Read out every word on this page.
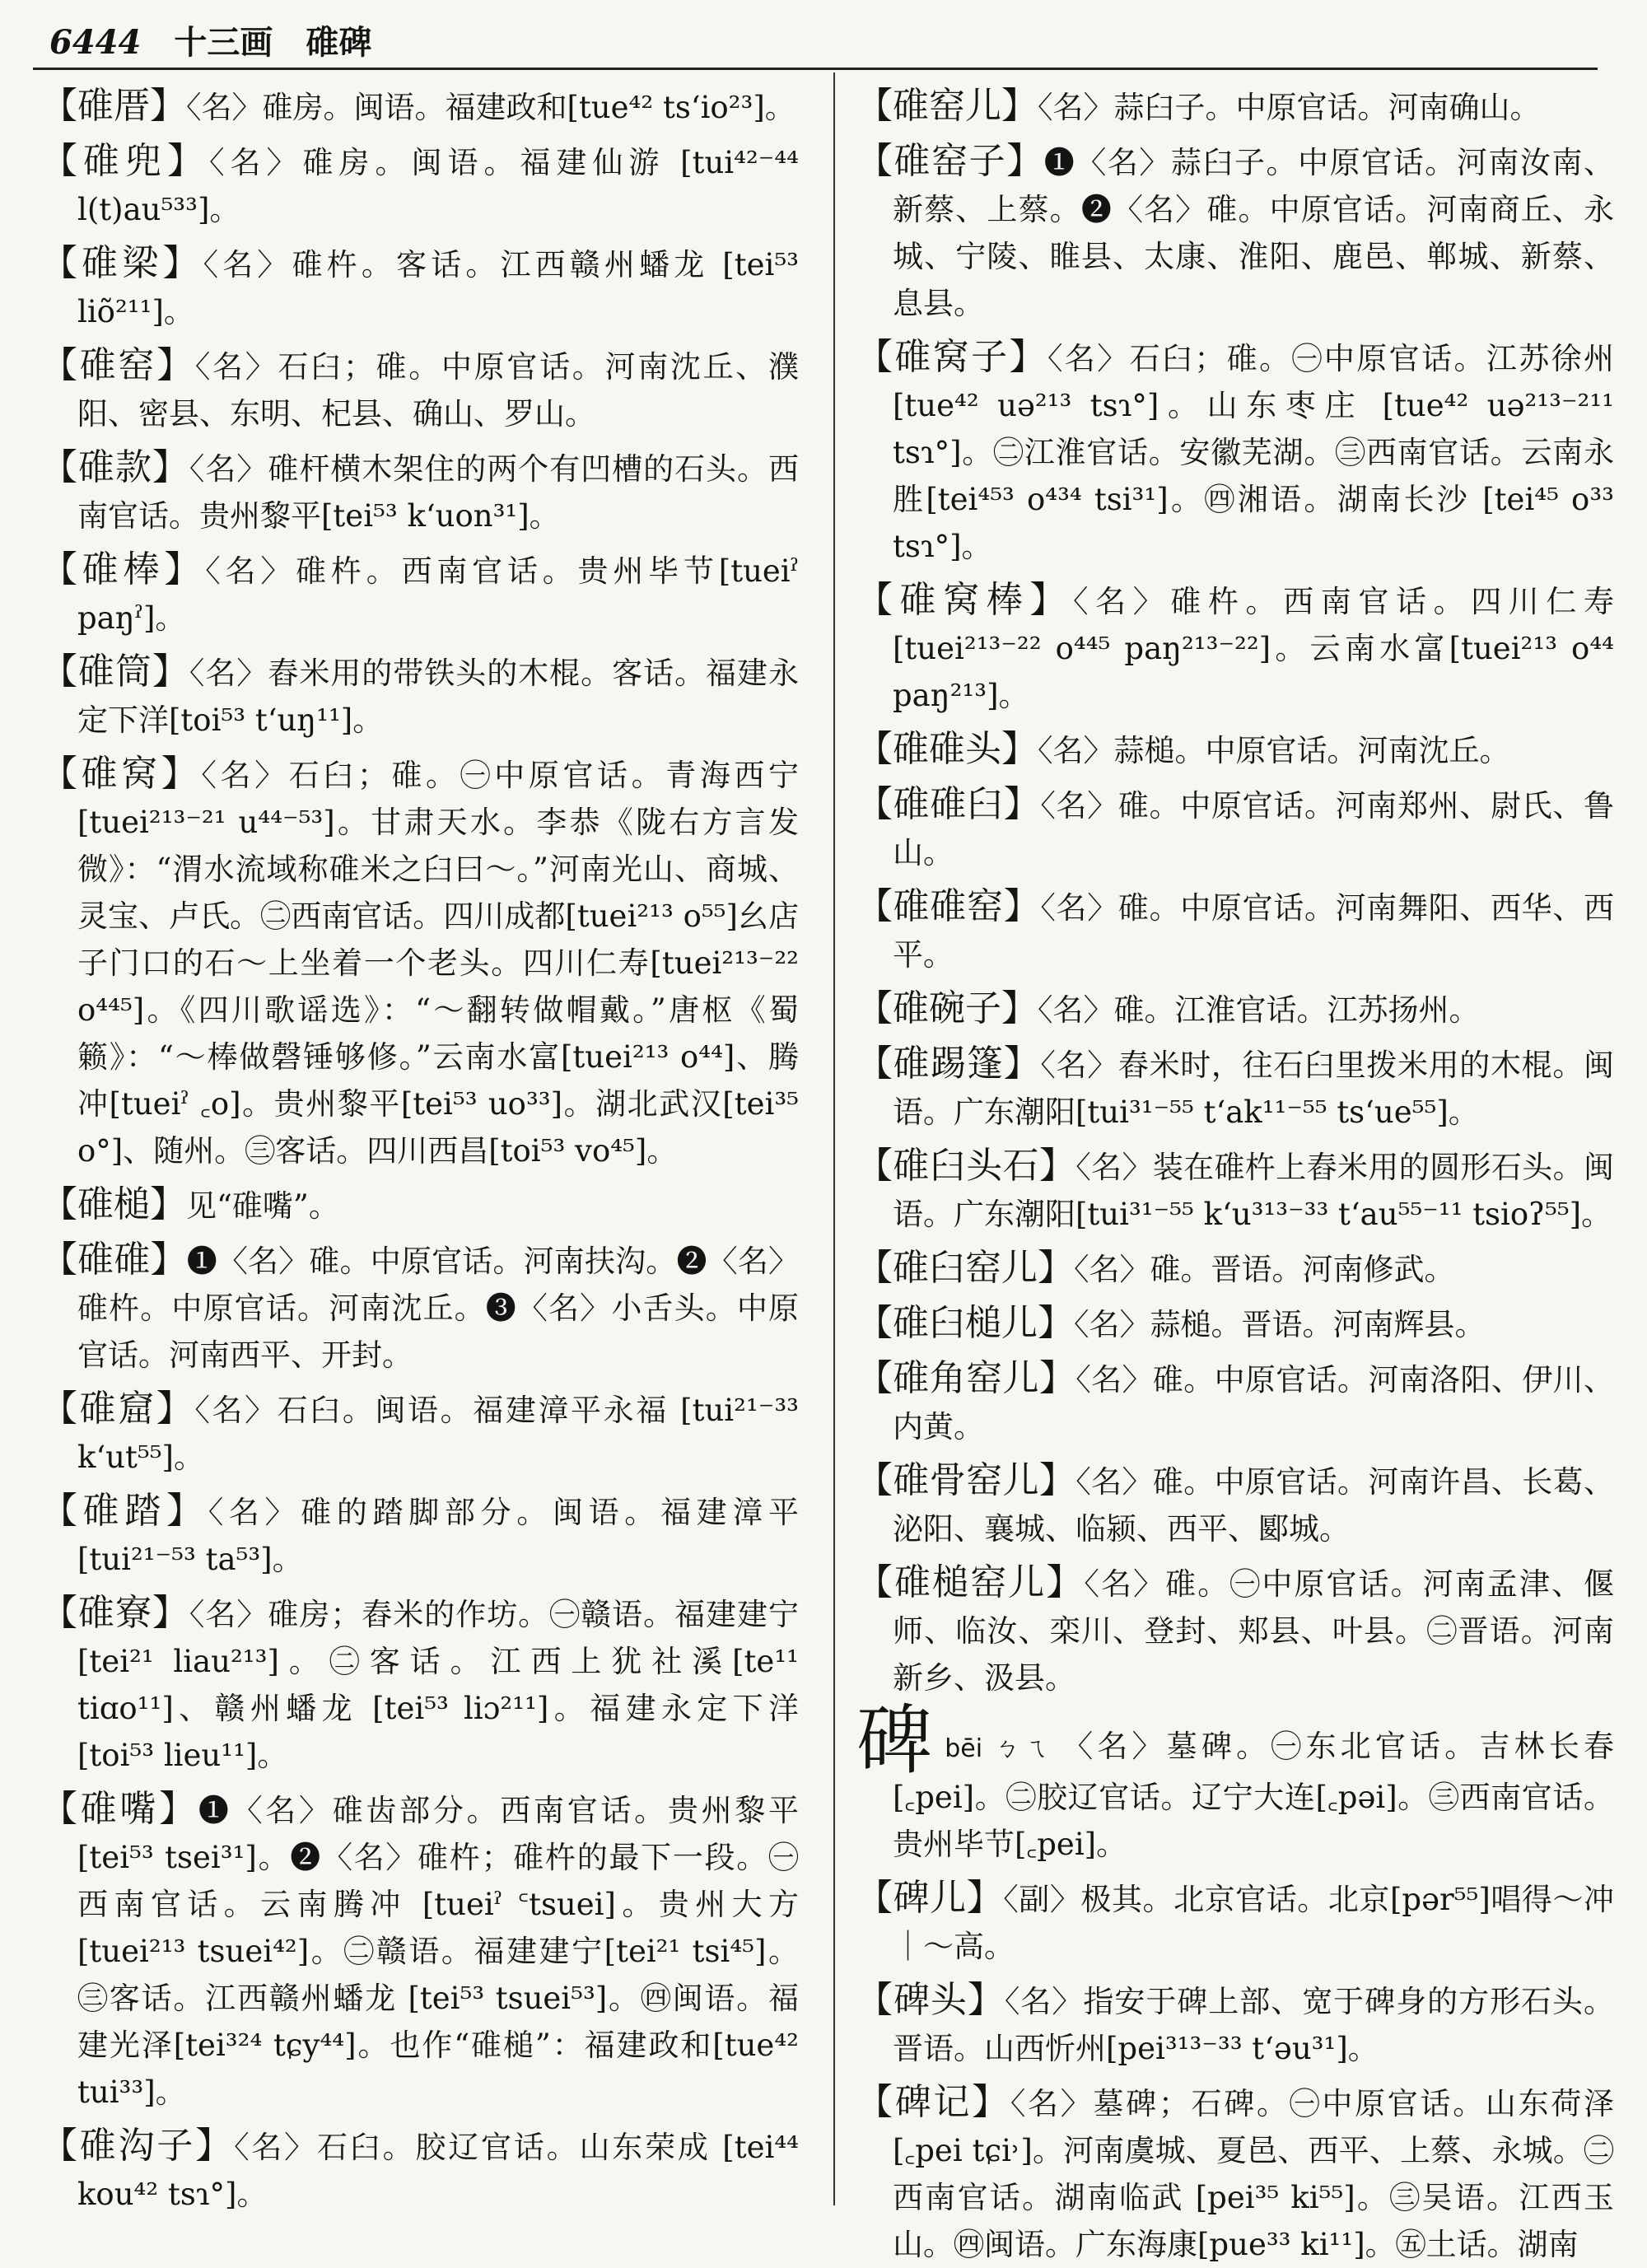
6444 十三画 碓碑

【碓厝】〈名〉碓房。闽语。福建政和[tue⁴² tsʻio²³]。

【碓兜】〈名〉碓房。闽语。福建仙游 [tui⁴²⁻⁴⁴ l(t)au⁵³³]。

【碓梁】〈名〉碓杵。客话。江西赣州蟠龙 [tei⁵³ liõ²¹¹]。

【碓窑】〈名〉石臼；碓。中原官话。河南沈丘、濮阳、密县、东明、杞县、确山、罗山。

【碓款】〈名〉碓杆横木架住的两个有凹槽的石头。西南官话。贵州黎平[tei⁵³ kʻuon³¹]。

【碓棒】〈名〉碓杵。西南官话。贵州毕节[tueiˀ paŋˀ]。

【碓筒】〈名〉舂米用的带铁头的木棍。客话。福建永定下洋[toi⁵³ tʻuŋ¹¹]。

【碓窝】〈名〉石臼；碓。㊀中原官话。青海西宁[tuei²¹³⁻²¹ u⁴⁴⁻⁵³]。甘肃天水。李恭《陇右方言发微》：“渭水流域称碓米之臼曰～。”河南光山、商城、灵宝、卢氏。㊁西南官话。四川成都[tuei²¹³ o⁵⁵]幺店子门口的石～上坐着一个老头。四川仁寿[tuei²¹³⁻²² o⁴⁴⁵]。《四川歌谣选》：“～翻转做帽戴。”唐枢《蜀籁》：“～棒做磬锤够修。”云南水富[tuei²¹³ o⁴⁴]、腾冲[tueiˀ ꜀o]。贵州黎平[tei⁵³ uo³³]。湖北武汉[tei³⁵ o°]、随州。㊂客话。四川西昌[toi⁵³ vo⁴⁵]。

【碓槌】见“碓嘴”。

【碓碓】❶〈名〉碓。中原官话。河南扶沟。❷〈名〉碓杵。中原官话。河南沈丘。❸〈名〉小舌头。中原官话。河南西平、开封。

【碓窟】〈名〉石臼。闽语。福建漳平永福 [tui²¹⁻³³ kʻut⁵⁵]。

【碓踏】〈名〉碓的踏脚部分。闽语。福建漳平[tui²¹⁻⁵³ ta⁵³]。

【碓寮】〈名〉碓房；舂米的作坊。㊀赣语。福建建宁[tei²¹ liau²¹³]。㊁客话。江西上犹社溪[te¹¹ tiɑo¹¹]、赣州蟠龙 [tei⁵³ liɔ²¹¹]。福建永定下洋 [toi⁵³ lieu¹¹]。

【碓嘴】❶〈名〉碓齿部分。西南官话。贵州黎平[tei⁵³ tsei³¹]。❷〈名〉碓杵；碓杵的最下一段。㊀西南官话。云南腾冲 [tueiˀ ꜂tsuei]。贵州大方 [tuei²¹³ tsuei⁴²]。㊁赣语。福建建宁[tei²¹ tsi⁴⁵]。㊂客话。江西赣州蟠龙 [tei⁵³ tsuei⁵³]。㊃闽语。福建光泽[tei³²⁴ tɕy⁴⁴]。也作“碓槌”：福建政和[tue⁴² tui³³]。

【碓沟子】〈名〉石臼。胶辽官话。山东荣成 [tei⁴⁴ kou⁴² tsɿ°]。

【碓窑儿】〈名〉蒜臼子。中原官话。河南确山。

【碓窑子】❶〈名〉蒜臼子。中原官话。河南汝南、新蔡、上蔡。❷〈名〉碓。中原官话。河南商丘、永城、宁陵、睢县、太康、淮阳、鹿邑、郸城、新蔡、息县。

【碓窝子】〈名〉石臼；碓。㊀中原官话。江苏徐州[tue⁴² uə²¹³ tsɿ°]。山东枣庄 [tue⁴² uə²¹³⁻²¹¹ tsɿ°]。㊁江淮官话。安徽芜湖。㊂西南官话。云南永胜[tei⁴⁵³ o⁴³⁴ tsi³¹]。㊃湘语。湖南长沙 [tei⁴⁵ o³³ tsɿ°]。

【碓窝棒】〈名〉碓杵。西南官话。四川仁寿[tuei²¹³⁻²² o⁴⁴⁵ paŋ²¹³⁻²²]。云南水富[tuei²¹³ o⁴⁴ paŋ²¹³]。

【碓碓头】〈名〉蒜槌。中原官话。河南沈丘。

【碓碓臼】〈名〉碓。中原官话。河南郑州、尉氏、鲁山。

【碓碓窑】〈名〉碓。中原官话。河南舞阳、西华、西平。

【碓碗子】〈名〉碓。江淮官话。江苏扬州。

【碓踢篷】〈名〉舂米时，往石臼里拨米用的木棍。闽语。广东潮阳[tui³¹⁻⁵⁵ tʻak¹¹⁻⁵⁵ tsʻue⁵⁵]。

【碓臼头石】〈名〉装在碓杵上舂米用的圆形石头。闽语。广东潮阳[tui³¹⁻⁵⁵ kʻu³¹³⁻³³ tʻau⁵⁵⁻¹¹ tsioʔ⁵⁵]。

【碓臼窑儿】〈名〉碓。晋语。河南修武。

【碓臼槌儿】〈名〉蒜槌。晋语。河南辉县。

【碓角窑儿】〈名〉碓。中原官话。河南洛阳、伊川、内黄。

【碓骨窑儿】〈名〉碓。中原官话。河南许昌、长葛、泌阳、襄城、临颍、西平、郾城。

【碓槌窑儿】〈名〉碓。㊀中原官话。河南孟津、偃师、临汝、栾川、登封、郏县、叶县。㊁晋语。河南新乡、汲县。

碑bēi ㄅㄟ 〈名〉墓碑。㊀东北官话。吉林长春[꜀pei]。㊁胶辽官话。辽宁大连[꜀pəi]。㊂西南官话。贵州毕节[꜀pei]。

【碑儿】〈副〉极其。北京官话。北京[pər⁵⁵]唱得～冲｜～高。

【碑头】〈名〉指安于碑上部、宽于碑身的方形石头。晋语。山西忻州[pei³¹³⁻³³ tʻəu³¹]。

【碑记】〈名〉墓碑；石碑。㊀中原官话。山东荷泽[꜀pei tɕi˒]。河南虞城、夏邑、西平、上蔡、永城。㊁西南官话。湖南临武 [pei³⁵ ki⁵⁵]。㊂吴语。江西玉山。㊃闽语。广东海康[pue³³ ki¹¹]。㊄土话。湖南
